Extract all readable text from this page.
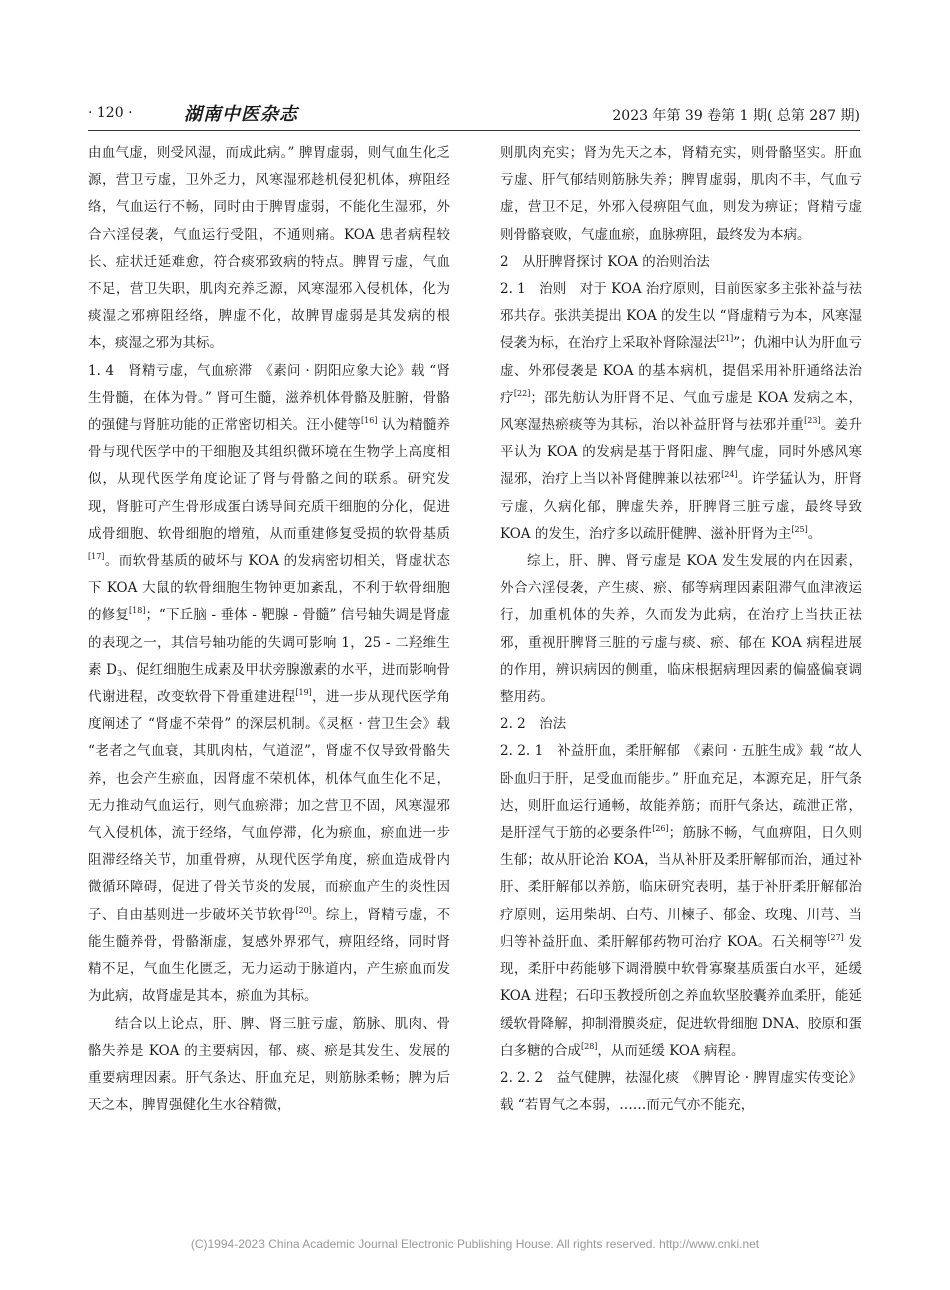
· 120 ·	湖南中医杂志	2023 年第 39 卷第 1 期( 总第 287 期)

由血气虚，则受风湿，而成此病。” 脾胃虚弱，则气血生化乏源，营卫亏虚，卫外乏力，风寒湿邪趁机侵犯机体，痹阻经络，气血运行不畅，同时由于脾胃虚弱，不能化生湿邪，外合六淫侵袭，气血运行受阻，不通则痛。KOA 患者病程较长、症状迁延难愈，符合痰邪致病的特点。脾胃亏虚，气血不足，营卫失职，肌肉充养乏源，风寒湿邪入侵机体，化为痰湿之邪痹阻经络，脾虚不化，故脾胃虚弱是其发病的根本，痰湿之邪为其标。

1. 4　肾精亏虚，气血瘀滞　《素问 · 阴阳应象大论》载 “肾生骨髓，在体为骨。” 肾可生髓，滋养机体骨骼及脏腑，骨骼的强健与肾脏功能的正常密切相关。汪小健等[16] 认为精髓养骨与现代医学中的干细胞及其组织微环境在生物学上高度相似，从现代医学角度论证了肾与骨骼之间的联系。研究发现，肾脏可产生骨形成蛋白诱导间充质干细胞的分化，促进成骨细胞、软骨细胞的增殖，从而重建修复受损的软骨基质[17]。而软骨基质的破坏与 KOA 的发病密切相关，肾虚状态下 KOA 大鼠的软骨细胞生物钟更加紊乱，不利于软骨细胞的修复[18]；“下丘脑 - 垂体 - 靶腺 - 骨髓” 信号轴失调是肾虚的表现之一，其信号轴功能的失调可影响 1，25 - 二羟维生素 $D_3$、促红细胞生成素及甲状旁腺激素的水平，进而影响骨代谢进程，改变软骨下骨重建进程[19]，进一步从现代医学角度阐述了 “肾虚不荣骨” 的深层机制。《灵枢 · 营卫生会》载 “老者之气血衰，其肌肉枯，气道涩”，肾虚不仅导致骨骼失养，也会产生瘀血，因肾虚不荣机体，机体气血生化不足，无力推动气血运行，则气血瘀滞；加之营卫不固，风寒湿邪气入侵机体，流于经络，气血停滞，化为瘀血，瘀血进一步阻滞经络关节，加重骨痹，从现代医学角度，瘀血造成骨内微循环障碍，促进了骨关节炎的发展，而瘀血产生的炎性因子、自由基则进一步破坏关节软骨[20]。综上，肾精亏虚，不能生髓养骨，骨骼渐虚，复感外界邪气，痹阻经络，同时肾精不足，气血生化匮乏，无力运动于脉道内，产生瘀血而发为此病，故肾虚是其本，瘀血为其标。

结合以上论点，肝、脾、肾三脏亏虚，筋脉、肌肉、骨骼失养是 KOA 的主要病因，郁、痰、瘀是其发生、发展的重要病理因素。肝气条达、肝血充足，则筋脉柔畅；脾为后天之本，脾胃强健化生水谷精微，

则肌肉充实；肾为先天之本，肾精充实，则骨骼坚实。肝血亏虚、肝气郁结则筋脉失养；脾胃虚弱，肌肉不丰，气血亏虚，营卫不足，外邪入侵痹阻气血，则发为痹证；肾精亏虚则骨骼衰败，气虚血瘀，血脉痹阻，最终发为本病。

2　从肝脾肾探讨 KOA 的治则治法

2. 1　治则　对于 KOA 治疗原则，目前医家多主张补益与祛邪共存。张洪美提出 KOA 的发生以 “肾虚精亏为本，风寒湿侵袭为标，在治疗上采取补肾除湿法[21]”；仇湘中认为肝血亏虚、外邪侵袭是 KOA 的基本病机，提倡采用补肝通络法治疗[22]；邵先舫认为肝肾不足、气血亏虚是 KOA 发病之本，风寒湿热瘀痰等为其标，治以补益肝肾与祛邪并重[23]。姜升平认为 KOA 的发病是基于肾阳虚、脾气虚，同时外感风寒湿邪，治疗上当以补肾健脾兼以祛邪[24]。许学猛认为，肝肾亏虚，久病化郁，脾虚失养，肝脾肾三脏亏虚，最终导致 KOA 的发生，治疗多以疏肝健脾、滋补肝肾为主[25]。

综上，肝、脾、肾亏虚是 KOA 发生发展的内在因素，外合六淫侵袭，产生痰、瘀、郁等病理因素阻滞气血津液运行，加重机体的失养，久而发为此病，在治疗上当扶正祛邪，重视肝脾肾三脏的亏虚与痰、瘀、郁在 KOA 病程进展的作用，辨识病因的侧重，临床根据病理因素的偏盛偏衰调整用药。

2. 2　治法

2. 2. 1　补益肝血，柔肝解郁　《素问 · 五脏生成》载 “故人卧血归于肝，足受血而能步。” 肝血充足，本源充足，肝气条达，则肝血运行通畅，故能养筋；而肝气条达，疏泄正常，是肝淫气于筋的必要条件[26]；筋脉不畅，气血痹阻，日久则生郁；故从肝论治 KOA，当从补肝及柔肝解郁而治，通过补肝、柔肝解郁以养筋，临床研究表明，基于补肝柔肝解郁治疗原则，运用柴胡、白芍、川楝子、郁金、玫瑰、川芎、当归等补益肝血、柔肝解郁药物可治疗 KOA。石关桐等[27] 发现，柔肝中药能够下调滑膜中软骨寡聚基质蛋白水平，延缓 KOA 进程；石印玉教授所创之养血软坚胶囊养血柔肝，能延缓软骨降解，抑制滑膜炎症，促进软骨细胞 DNA、胶原和蛋白多糖的合成[28]，从而延缓 KOA 病程。

2. 2. 2　益气健脾，祛湿化痰　《脾胃论 · 脾胃虚实传变论》载 “若胃气之本弱，……而元气亦不能充，

(C)1994-2023 China Academic Journal Electronic Publishing House. All rights reserved. http://www.cnki.net
